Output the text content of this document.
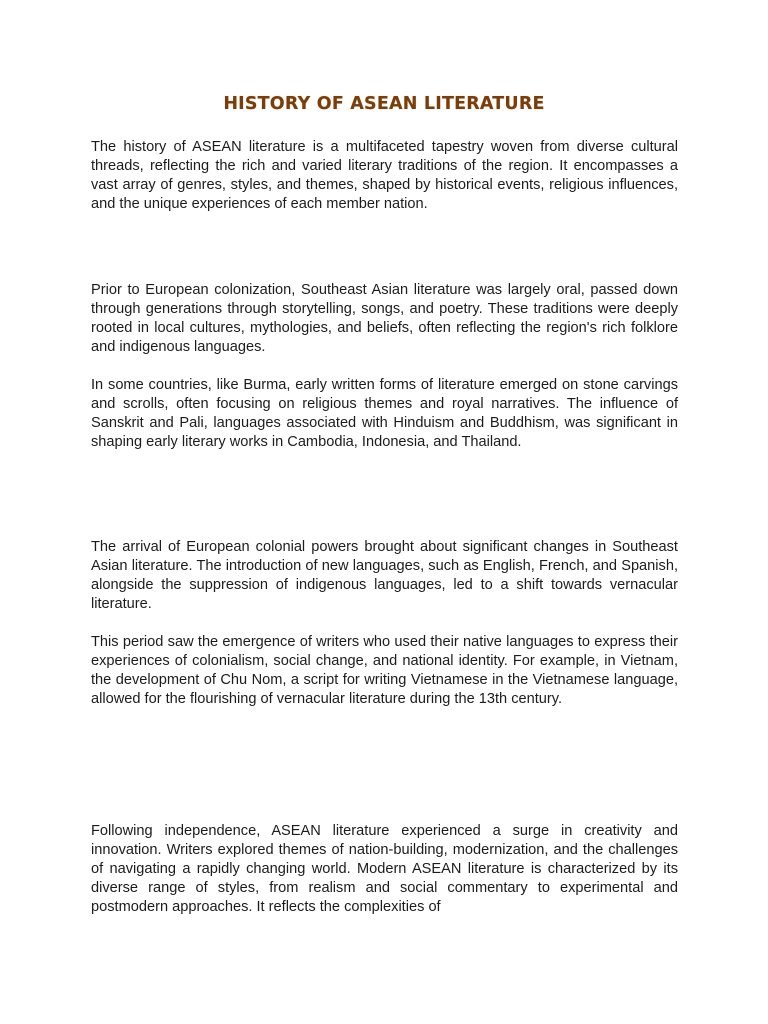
HISTORY OF ASEAN LITERATURE

The history of ASEAN literature is a multifaceted tapestry woven from diverse cultural threads, reflecting the rich and varied literary traditions of the region. It encompasses a vast array of genres, styles, and themes, shaped by historical events, religious influences, and the unique experiences of each member nation.

Prior to European colonization, Southeast Asian literature was largely oral, passed down through generations through storytelling, songs, and poetry. These traditions were deeply rooted in local cultures, mythologies, and beliefs, often reflecting the region's rich folklore and indigenous languages.

In some countries, like Burma, early written forms of literature emerged on stone carvings and scrolls, often focusing on religious themes and royal narratives. The influence of Sanskrit and Pali, languages associated with Hinduism and Buddhism, was significant in shaping early literary works in Cambodia, Indonesia, and Thailand.

The arrival of European colonial powers brought about significant changes in Southeast Asian literature. The introduction of new languages, such as English, French, and Spanish, alongside the suppression of indigenous languages, led to a shift towards vernacular literature.

This period saw the emergence of writers who used their native languages to express their experiences of colonialism, social change, and national identity. For example, in Vietnam, the development of Chu Nom, a script for writing Vietnamese in the Vietnamese language, allowed for the flourishing of vernacular literature during the 13th century.

Following independence, ASEAN literature experienced a surge in creativity and innovation. Writers explored themes of nation-building, modernization, and the challenges of navigating a rapidly changing world. Modern ASEAN literature is characterized by its diverse range of styles, from realism and social commentary to experimental and postmodern approaches. It reflects the complexities of
